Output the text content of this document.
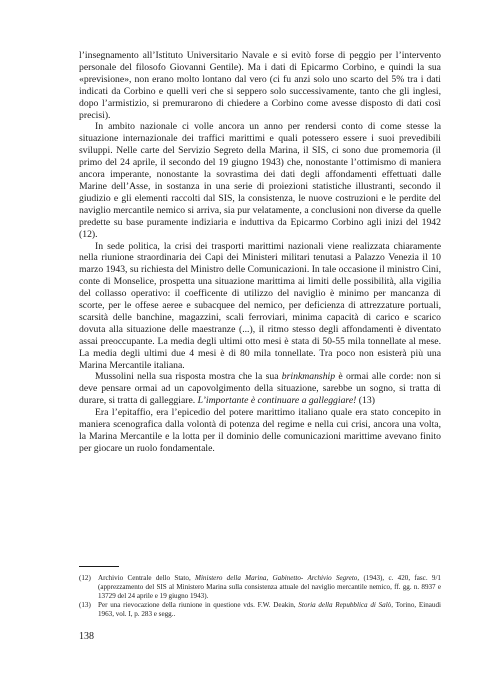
l’insegnamento all’Istituto Universitario Navale e si evitò forse di peggio per l’intervento personale del filosofo Giovanni Gentile). Ma i dati di Epicarmo Corbino, e quindi la sua «previsione», non erano molto lontano dal vero (ci fu anzi solo uno scarto del 5% tra i dati indicati da Corbino e quelli veri che si seppero solo successivamente, tanto che gli inglesi, dopo l’armistizio, si premurarono di chiedere a Corbino come avesse disposto di dati così precisi).

In ambito nazionale ci volle ancora un anno per rendersi conto di come stesse la situazione internazionale dei traffici marittimi e quali potessero essere i suoi prevedibili sviluppi. Nelle carte del Servizio Segreto della Marina, il SIS, ci sono due promemoria (il primo del 24 aprile, il secondo del 19 giugno 1943) che, nonostante l’ottimismo di maniera ancora imperante, nonostante la sovrastima dei dati degli affondamenti effettuati dalle Marine dell’Asse, in sostanza in una serie di proiezioni statistiche illustranti, secondo il giudizio e gli elementi raccolti dal SIS, la consistenza, le nuove costruzioni e le perdite del naviglio mercantile nemico si arriva, sia pur velatamente, a conclusioni non diverse da quelle predette su base puramente indiziaria e induttiva da Epicarmo Corbino agli inizi del 1942 (12).

In sede politica, la crisi dei trasporti marittimi nazionali viene realizzata chiaramente nella riunione straordinaria dei Capi dei Ministeri militari tenutasi a Palazzo Venezia il 10 marzo 1943, su richiesta del Ministro delle Comunicazioni. In tale occasione il ministro Cini, conte di Monselice, prospetta una situazione marittima ai limiti delle possibilità, alla vigilia del collasso operativo: il coefficente di utilizzo del naviglio è minimo per mancanza di scorte, per le offese aeree e subacquee del nemico, per deficienza di attrezzature portuali, scarsità delle banchine, magazzini, scali ferroviari, minima capacità di carico e scarico dovuta alla situazione delle maestranze (...), il ritmo stesso degli affondamenti è diventato assai preoccupante. La media degli ultimi otto mesi è stata di 50-55 mila tonnellate al mese. La media degli ultimi due 4 mesi è di 80 mila tonnellate. Tra poco non esisterà più una Marina Mercantile italiana.

Mussolini nella sua risposta mostra che la sua brinkmanship è ormai alle corde: non si deve pensare ormai ad un capovolgimento della situazione, sarebbe un sogno, si tratta di durare, si tratta di galleggiare. L’importante è continuare a galleggiare! (13)

Era l’epitaffio, era l’epicedio del potere marittimo italiano quale era stato concepito in maniera scenografica dalla volontà di potenza del regime e nella cui crisi, ancora una volta, la Marina Mercantile e la lotta per il dominio delle comunicazioni marittime avevano finito per giocare un ruolo fondamentale.

(12)	Archivio Centrale dello Stato, Ministero della Marina, Gabinetto- Archivio Segreto, (1943), c. 420, fasc. 9/1 (apprezzamento del SIS al Ministero Marina sulla consistenza attuale del naviglio mercantile nemico, ff. gg. n. 8937 e 13729 del 24 aprile e 19 giugno 1943).
(13)	Per una rievocazione della riunione in questione vds. F.W. Deakin, Storia della Repubblica di Salò, Torino, Einaudi 1963, vol. I, p. 283 e segg..
138
